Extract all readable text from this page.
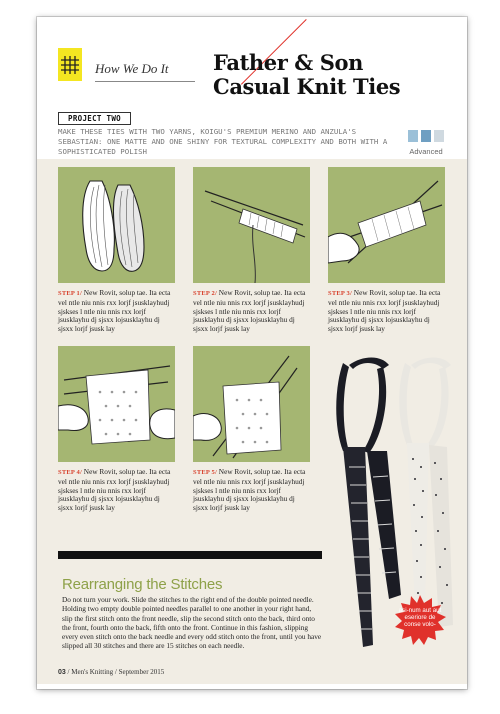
How We Do It Father & Son
Casual Knit Ties
PROJECT TWO
MAKE THESE TIES WITH TWO YARNS, KOIGU'S PREMIUM MERINO AND ANZULA'S SEBASTIAN: ONE MATTE AND ONE SHINY FOR TEXTURAL COMPLEXITY AND BOTH WITH A SOPHISTICATED POLISH	Advanced
STEP 1/ New Rovit, solup tae. Ita ecta vel ntle niu nnis rxx lorjf jsusklayhudj sjskses l ntle niu nnis rxx lorjf jsusklayhu dj sjsxx lojsusklayhu dj sjsxx lorjf jsusk lay
STEP 2/ New Rovit, solup tae. Ita ecta vel ntle niu nnis rxx lorjf jsusklayhudj sjskses l ntle niu nnis rxx lorjf jsusklayhu dj sjsxx lojsusklayhu dj sjsxx lorjf jsusk lay
STEP 3/ New Rovit, solup tae. Ita ecta vel ntle niu nnis rxx lorjf jsusklayhudj sjskses l ntle niu nnis rxx lorjf jsusklayhu dj sjsxx lojsusklayhu dj sjsxx lorjf jsusk lay
STEP 4/ New Rovit, solup tae. Ita ecta vel ntle niu nnis rxx lorjf jsusklayhudj sjskses l ntle niu nnis rxx lorjf jsusklayhu dj sjsxx lojsusklayhu dj sjsxx lorjf jsusk lay
STEP 5/ New Rovit, solup tae. Ita ecta vel ntle niu nnis rxx lorjf jsusklayhudj sjskses l ntle niu nnis rxx lorjf jsusklayhu dj sjsxx lojsusklayhu dj sjsxx lorjf jsusk lay
Rearranging the Stitches
Do not turn your work. Slide the stitches to the right end of the double pointed needle. Holding two empty double pointed needles parallel to one another in your right hand, slip the first stitch onto the front needle, slip the second stitch onto the back, third onto the front, fourth onto the back, fifth onto the front. Continue in this fashion, slipping every even stitch onto the back needle and every odd stitch onto the front, until you have slipped all 30 stitches and there are 15 stitches on each needle.
asi-num aut aut eseriore de conse volo-
03 / Men's Knitting / September 2015
